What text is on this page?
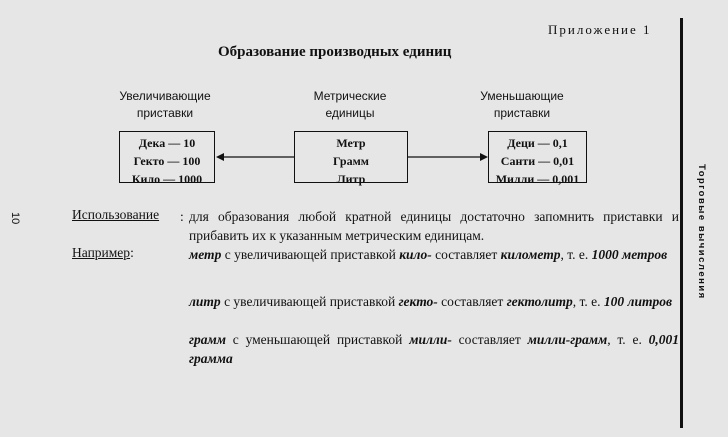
Приложение 1
Торговые вычисления
10
Образование производных единиц
Увеличивающие
приставки
Метрические
единицы
Уменьшающие
приставки
Дека — 10
Гекто — 100
Кило — 1000
Метр
Грамм
Литр
Деци — 0,1
Санти — 0,01
Милли — 0,001
Использование : для образования любой кратной единицы достаточно запомнить приставки и прибавить их к указанным метрическим единицам.
Например:	метр с увеличивающей приставкой кило- составляет километр, т. е. 1000 метров
литр с увеличивающей приставкой гекто- составляет гектолитр, т. е. 100 литров
грамм с уменьшающей приставкой милли- составляет милли-грамм, т. е. 0,001 грамма
